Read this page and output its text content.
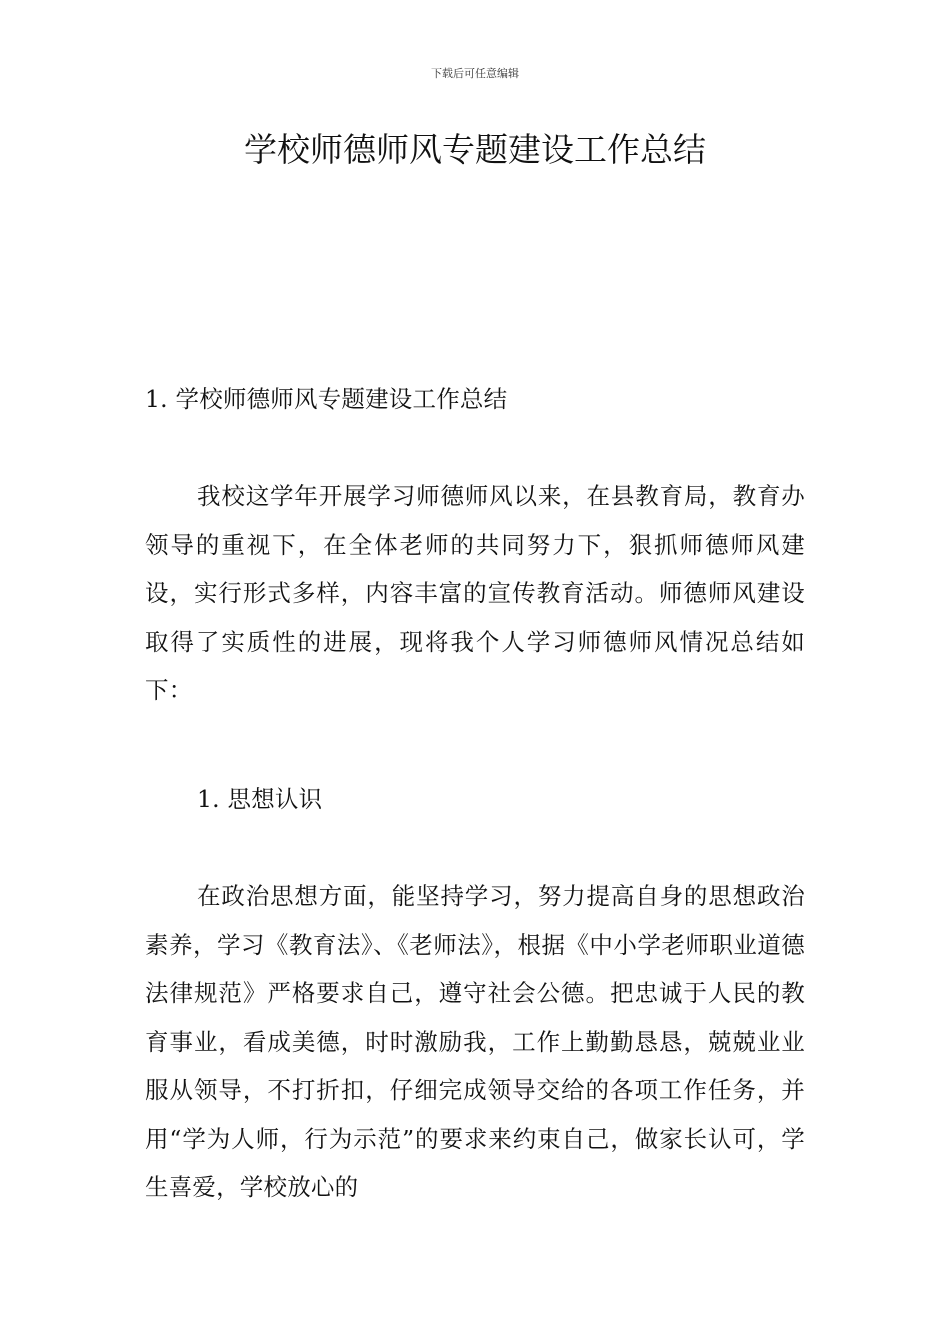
下载后可任意编辑
学校师德师风专题建设工作总结

1. 学校师德师风专题建设工作总结

我校这学年开展学习师德师风以来，在县教育局，教育办领导的重视下，在全体老师的共同努力下，狠抓师德师风建设，实行形式多样，内容丰富的宣传教育活动。师德师风建设取得了实质性的进展，现将我个人学习师德师风情况总结如下：

1. 思想认识

在政治思想方面，能坚持学习，努力提高自身的思想政治素养，学习《教育法》、《老师法》，根据《中小学老师职业道德法律规范》严格要求自己，遵守社会公德。把忠诚于人民的教育事业，看成美德，时时激励我，工作上勤勤恳恳，兢兢业业服从领导，不打折扣，仔细完成领导交给的各项工作任务，并用“学为人师，行为示范”的要求来约束自己，做家长认可，学生喜爱，学校放心的
